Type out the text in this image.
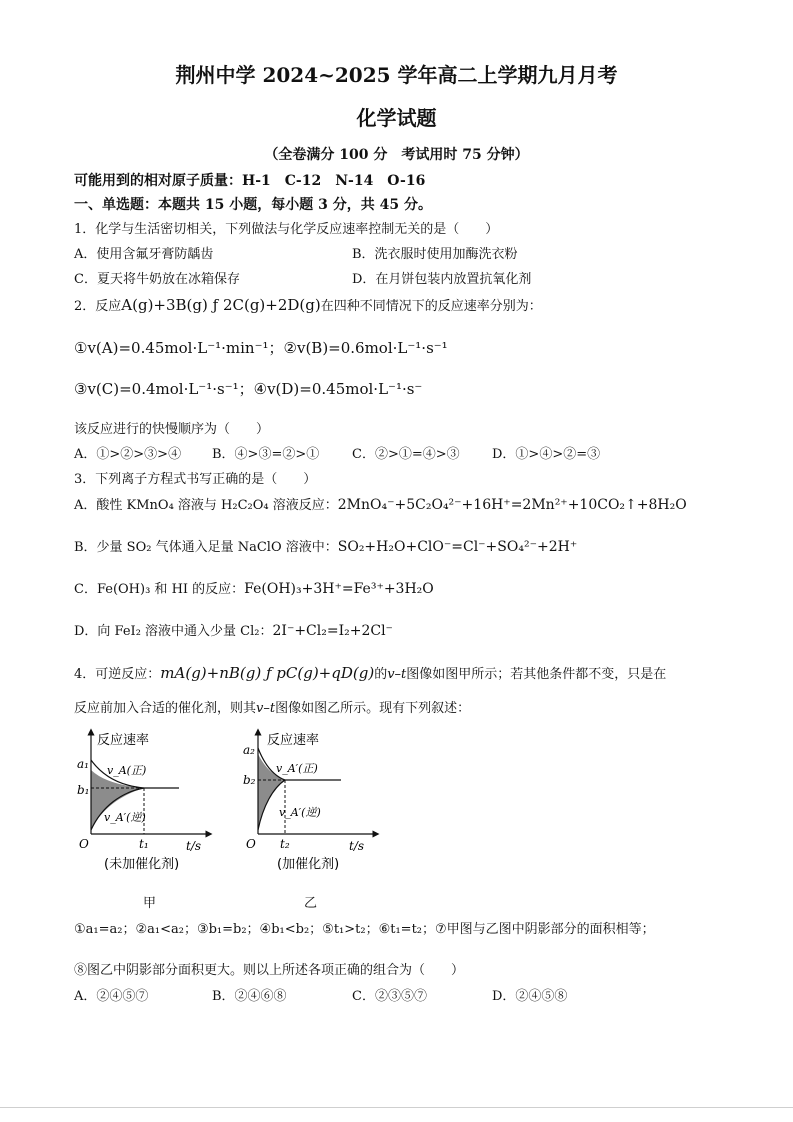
荆州中学 2024~2025 学年高二上学期九月月考
化学试题
（全卷满分 100 分　考试用时 75 分钟）
可能用到的相对原子质量：H-1　C-12　N-14　O-16
一、单选题：本题共 15 小题，每小题 3 分，共 45 分。
1．化学与生活密切相关，下列做法与化学反应速率控制无关的是（　　）
A．使用含氟牙膏防龋齿	B．洗衣服时使用加酶洗衣粉
C．夏天将牛奶放在冰箱保存	D．在月饼包装内放置抗氧化剂
2．反应A(g)+3B(g) ƒ 2C(g)+2D(g)在四种不同情况下的反应速率分别为：
①v(A)=0.45mol·L⁻¹·min⁻¹；②v(B)=0.6mol·L⁻¹·s⁻¹
③v(C)=0.4mol·L⁻¹·s⁻¹；④v(D)=0.45mol·L⁻¹·s⁻
该反应进行的快慢顺序为（　　）
A．①>②>③>④ B．④>③=②>①	C．②>①=④>③ D．①>④>②=③
3．下列离子方程式书写正确的是（　　）
A．酸性 KMnO₄ 溶液与 H₂C₂O₄ 溶液反应：2MnO₄⁻+5C₂O₄²⁻+16H⁺=2Mn²⁺+10CO₂↑+8H₂O
B．少量 SO₂ 气体通入足量 NaClO 溶液中：SO₂+H₂O+ClO⁻=Cl⁻+SO₄²⁻+2H⁺
C．Fe(OH)₃ 和 HI 的反应：Fe(OH)₃+3H⁺=Fe³⁺+3H₂O
D．向 FeI₂ 溶液中通入少量 Cl₂：2I⁻+Cl₂=I₂+2Cl⁻
4．可逆反应：mA(g)+nB(g) ƒ pC(g)+qD(g)的v–t图像如图甲所示；若其他条件都不变，只是在
反应前加入合适的催化剂，则其v–t图像如图乙所示。现有下列叙述：
反应速率
a₁
b₁
v_A(正)
v_A′(逆)
O	t₁	t/s
(未加催化剂)
反应速率
a₂
b₂
v_A′(正)
v_A′(逆)
O t₂	t/s
(加催化剂)
甲	乙
①a₁=a₂；②a₁<a₂；③b₁=b₂；④b₁<b₂；⑤t₁>t₂；⑥t₁=t₂；⑦甲图与乙图中阴影部分的面积相等；
⑧图乙中阴影部分面积更大。则以上所述各项正确的组合为（　　）
A．②④⑤⑦	B．②④⑥⑧	C．②③⑤⑦	D．②④⑤⑧
